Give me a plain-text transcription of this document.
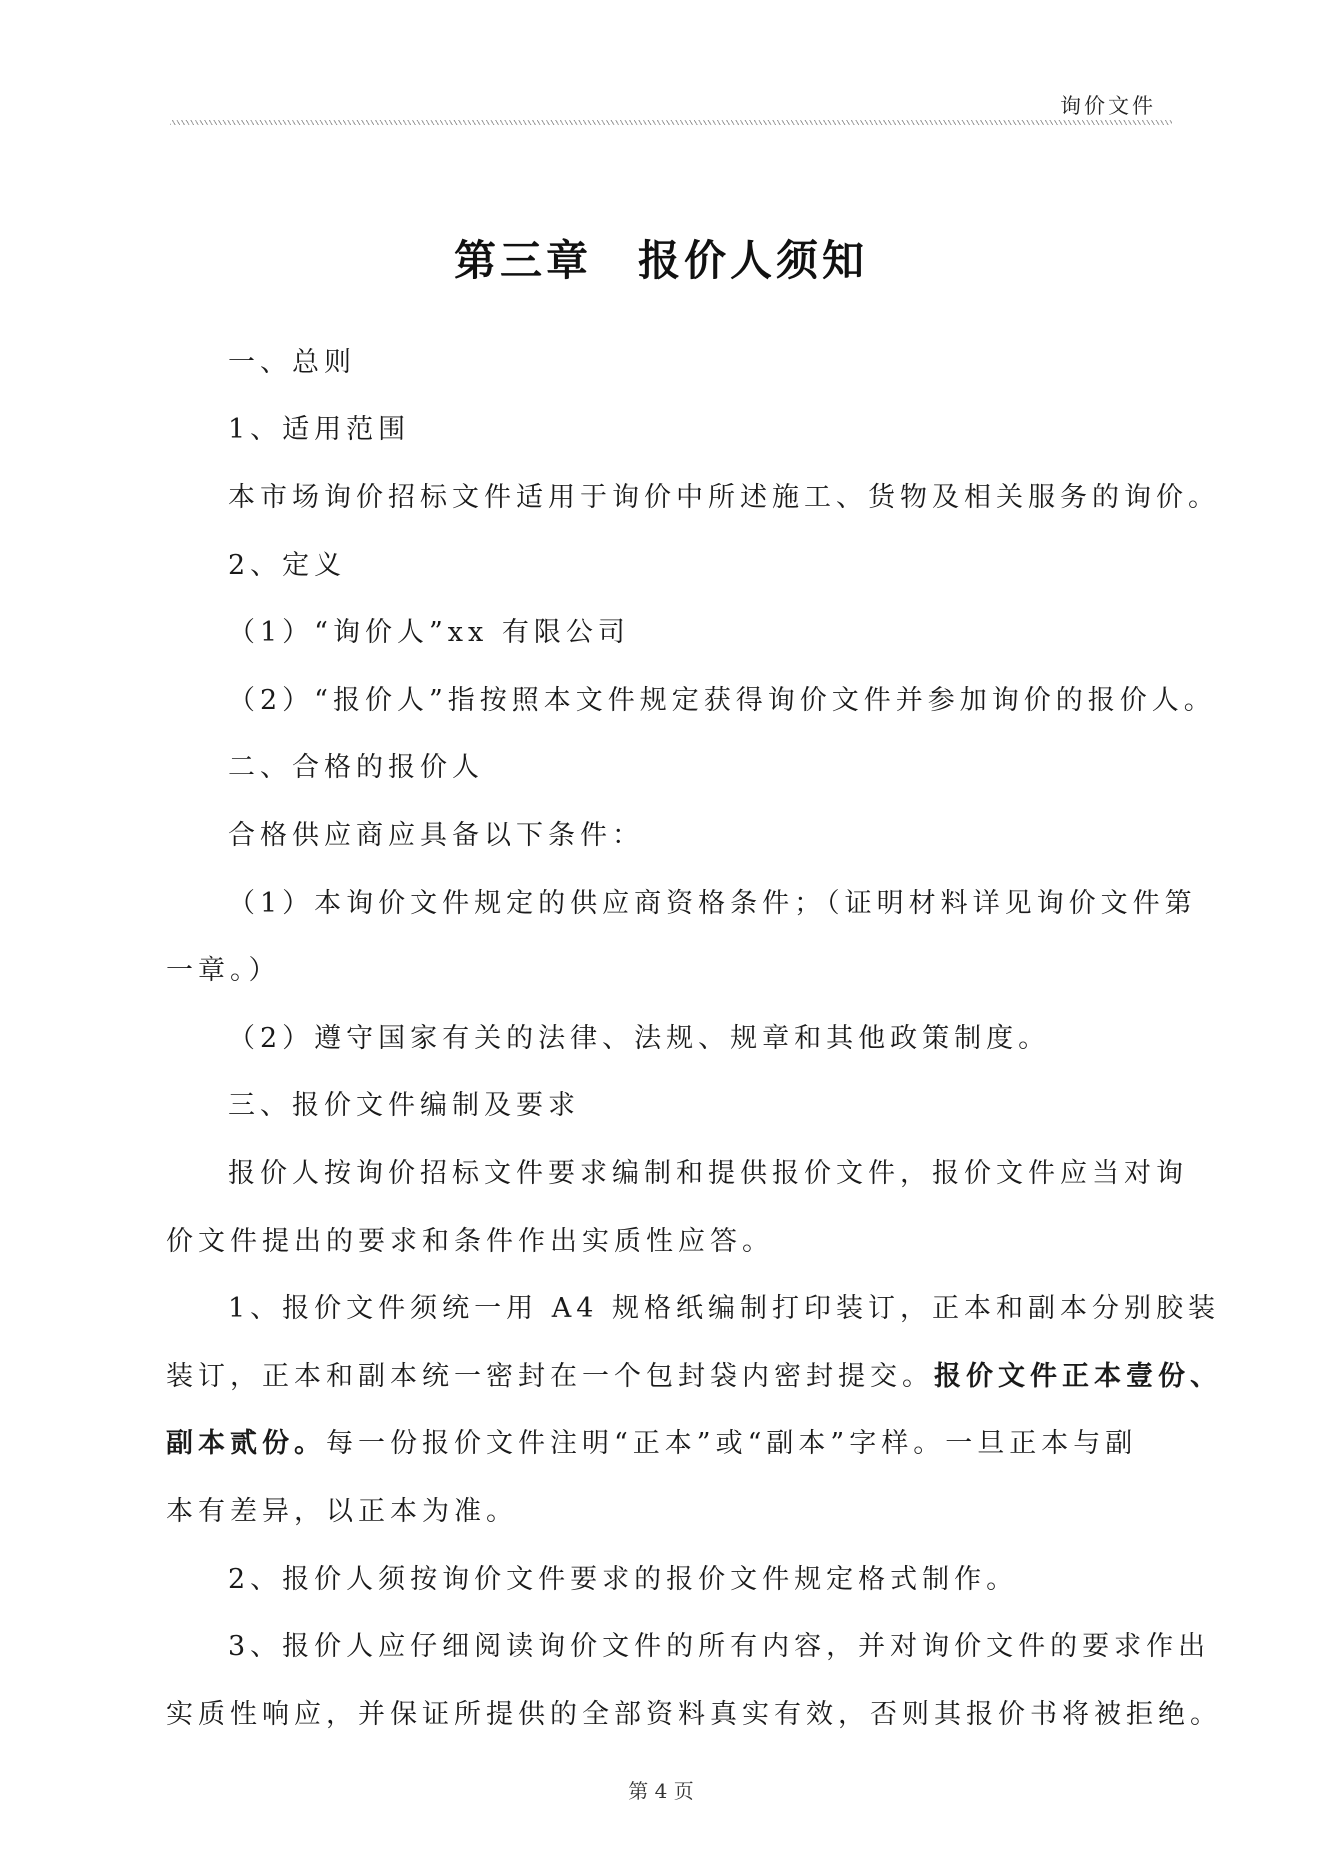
询价文件
第三章 报价人须知
一、总则
1、适用范围
本市场询价招标文件适用于询价中所述施工、货物及相关服务的询价。
2、定义
（1）“询价人”xx 有限公司
（2）“报价人”指按照本文件规定获得询价文件并参加询价的报价人。
二、合格的报价人
合格供应商应具备以下条件：
（1）本询价文件规定的供应商资格条件；（证明材料详见询价文件第
一章。）
（2）遵守国家有关的法律、法规、规章和其他政策制度。
三、报价文件编制及要求
报价人按询价招标文件要求编制和提供报价文件，报价文件应当对询
价文件提出的要求和条件作出实质性应答。
1、报价文件须统一用 A4 规格纸编制打印装订，正本和副本分别胶装
装订，正本和副本统一密封在一个包封袋内密封提交。报价文件正本壹份、
副本贰份。每一份报价文件注明“正本”或“副本”字样。一旦正本与副
本有差异，以正本为准。
2、报价人须按询价文件要求的报价文件规定格式制作。
3、报价人应仔细阅读询价文件的所有内容，并对询价文件的要求作出
实质性响应，并保证所提供的全部资料真实有效，否则其报价书将被拒绝。
第 4 页
